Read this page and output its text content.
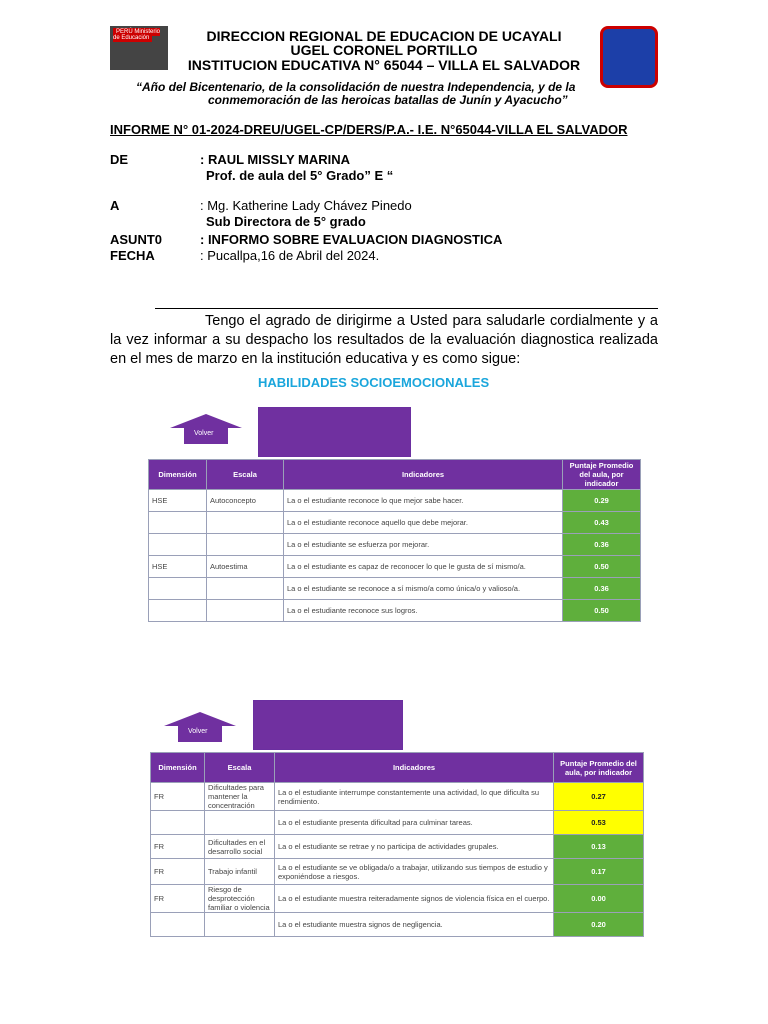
PERÚ Ministerio de Educación	DIRECCION REGIONAL DE EDUCACION DE UCAYALI
UGEL CORONEL PORTILLO
INSTITUCION EDUCATIVA N° 65044 – VILLA EL SALVADOR
“Año del Bicentenario, de la consolidación de nuestra Independencia, y de la
conmemoración de las heroicas batallas de Junín y Ayacucho”
INFORME N° 01-2024-DREU/UGEL-CP/DERS/P.A.- I.E. N°65044-VILLA EL SALVADOR
DE	: RAUL MISSLY MARINA
Prof. de aula del 5° Grado” E “
A	: Mg. Katherine Lady Chávez Pinedo
Sub Directora de 5° grado
ASUNT0	: INFORMO SOBRE EVALUACION DIAGNOSTICA
FECHA	: Pucallpa,16 de Abril del 2024.
Tengo el agrado de dirigirme a Usted para saludarle cordialmente y a la vez informar a su despacho los resultados de la evaluación diagnostica realizada en el mes de marzo en la institución educativa y es como sigue:
HABILIDADES SOCIOEMOCIONALES
Volver
Dimensión	Escala	Indicadores	Puntaje Promedio del aula, por indicador
HSE	Autoconcepto	La o el estudiante reconoce lo que mejor sabe hacer.	0.29
		La o el estudiante reconoce aquello que debe mejorar.	0.43
		La o el estudiante se esfuerza por mejorar.	0.36
HSE	Autoestima	La o el estudiante es capaz de reconocer lo que le gusta de sí mismo/a.	0.50
		La o el estudiante se reconoce a sí mismo/a como única/o y valioso/a.	0.36
		La o el estudiante reconoce sus logros.	0.50
Volver
Dimensión	Escala	Indicadores	Puntaje Promedio del aula, por indicador
FR	Dificultades para mantener la concentración	La o el estudiante interrumpe constantemente una actividad, lo que dificulta su rendimiento.	0.27
		La o el estudiante presenta dificultad para culminar tareas.	0.53
FR	Dificultades en el desarrollo social	La o el estudiante se retrae y no participa de actividades grupales.	0.13
FR	Trabajo infantil	La o el estudiante se ve obligada/o a trabajar, utilizando sus tiempos de estudio y exponiéndose a riesgos.	0.17
FR	Riesgo de desprotección familiar o violencia	La o el estudiante muestra reiteradamente signos de violencia física en el cuerpo.	0.00
		La o el estudiante muestra signos de negligencia.	0.20
